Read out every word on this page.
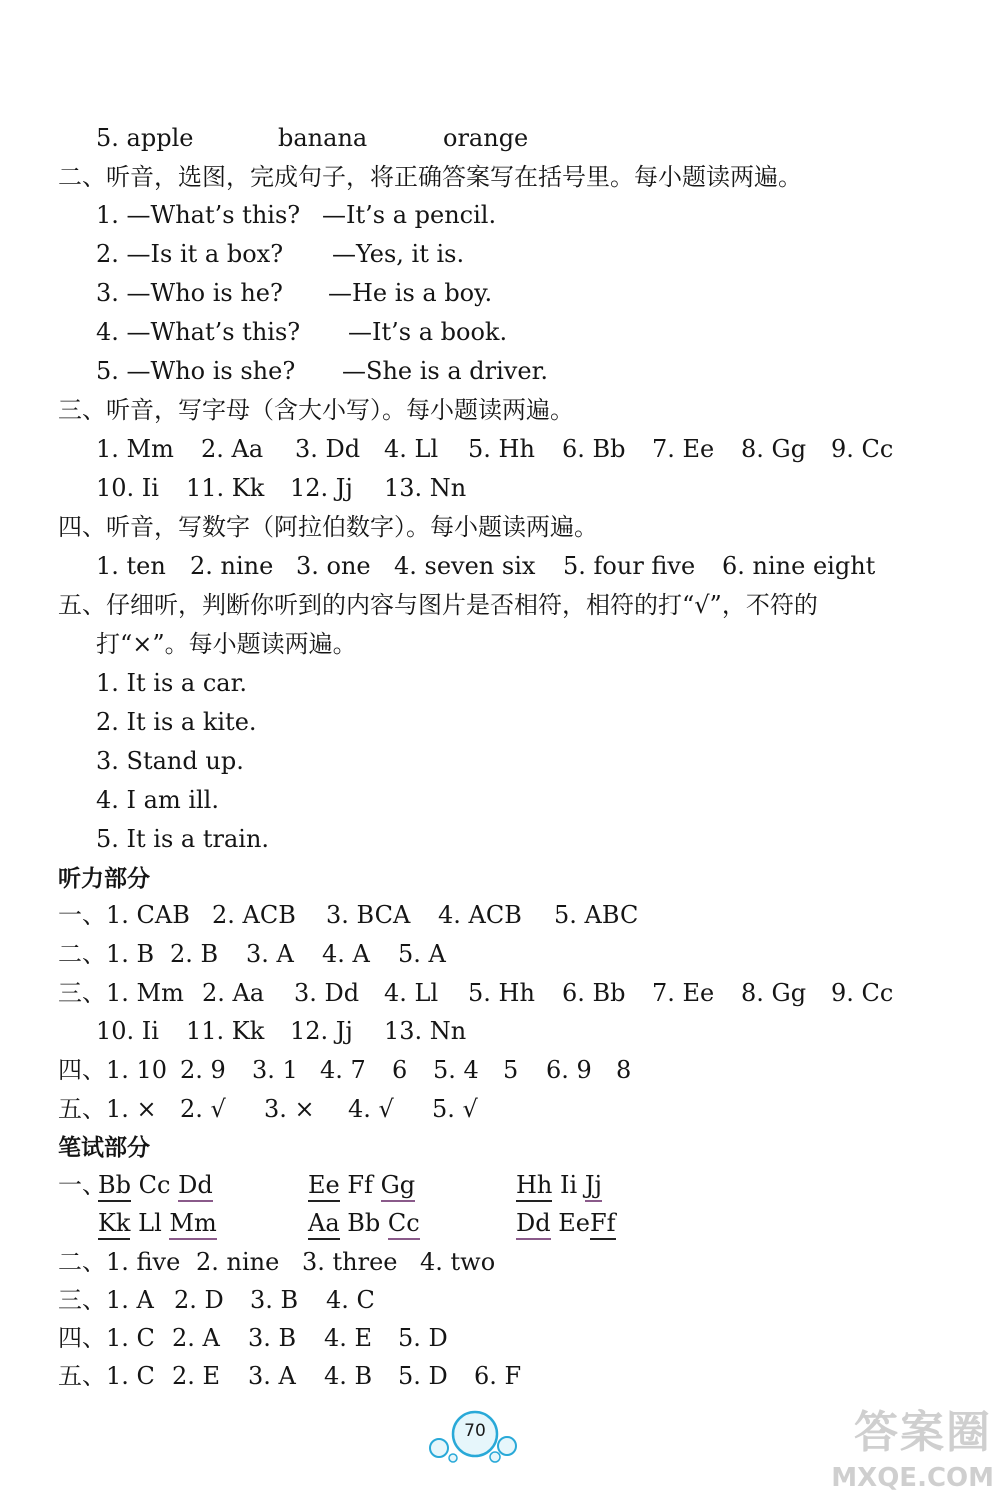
5. apple	banana	orange
二、听音，选图，完成句子，将正确答案写在括号里。每小题读两遍。
1. —What’s this? —It’s a pencil.
2. —Is it a box? —Yes, it is.
3. —Who is he? —He is a boy.
4. —What’s this? —It’s a book.
5. —Who is she? —She is a driver.
三、听音，写字母（含大小写）。每小题读两遍。
1. Mm 2. Aa 3. Dd 4. Ll 5. Hh 6. Bb 7. Ee 8. Gg 9. Cc
10. Ii 11. Kk 12. Jj 13. Nn
四、听音，写数字（阿拉伯数字）。每小题读两遍。
1. ten 2. nine 3. one 4. seven six 5. four five 6. nine eight
五、仔细听，判断你听到的内容与图片是否相符，相符的打“√”，不符的
打“×”。每小题读两遍。
1. It is a car.
2. It is a kite.
3. Stand up.
4. I am ill.
5. It is a train.
听力部分
一、1. CAB 2. ACB 3. BCA 4. ACB 5. ABC
二、1. B 2. B 3. A 4. A 5. A
三、1. Mm 2. Aa 3. Dd 4. Ll 5. Hh 6. Bb 7. Ee 8. Gg 9. Cc
10. Ii 11. Kk 12. Jj 13. Nn
四、1. 10 2. 9 3. 1 4. 7 6 5. 4 5 6. 9 8
五、1. × 2. √ 3. × 4. √ 5. √
笔试部分
一、
Bb Cc Dd	Ee Ff Gg	Hh Ii Jj
Kk Ll Mm	Aa Bb Cc	Dd EeFf
二、1. five 2. nine 3. three 4. two
三、1. A 2. D 3. B 4. C
四、1. C 2. A 3. B 4. E 5. D
五、1. C 2. E 3. A 4. B 5. D 6. F
70	答案圈
MXQE.COM
